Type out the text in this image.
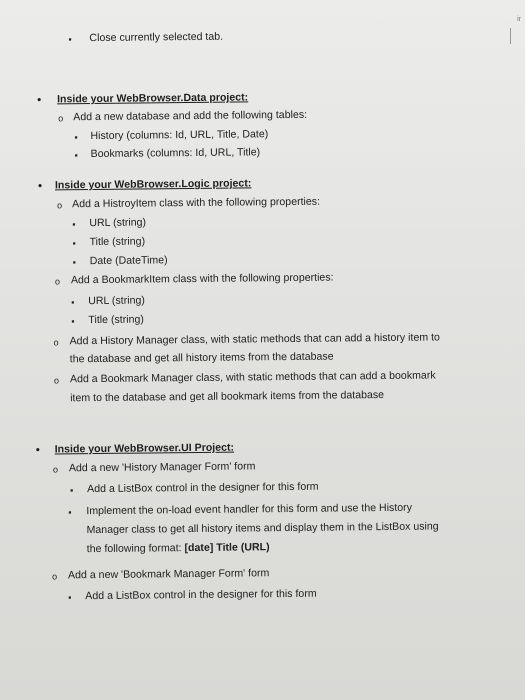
ir
▪ Close currently selected tab.
• Inside your WebBrowser.Data project:
o Add a new database and add the following tables:
▪ History (columns: Id, URL, Title, Date)
▪ Bookmarks (columns: Id, URL, Title)
• Inside your WebBrowser.Logic project:
o Add a HistroyItem class with the following properties:
▪ URL (string)
▪ Title (string)
▪ Date (DateTime)
o Add a BookmarkItem class with the following properties:
▪ URL (string)
▪ Title (string)
o Add a History Manager class, with static methods that can add a history item to
the database and get all history items from the database
o Add a Bookmark Manager class, with static methods that can add a bookmark
item to the database and get all bookmark items from the database
• Inside your WebBrowser.UI Project:
o Add a new 'History Manager Form' form
▪ Add a ListBox control in the designer for this form
▪ Implement the on-load event handler for this form and use the History
Manager class to get all history items and display them in the ListBox using
the following format: [date] Title (URL)
o Add a new 'Bookmark Manager Form' form
▪ Add a ListBox control in the designer for this form
